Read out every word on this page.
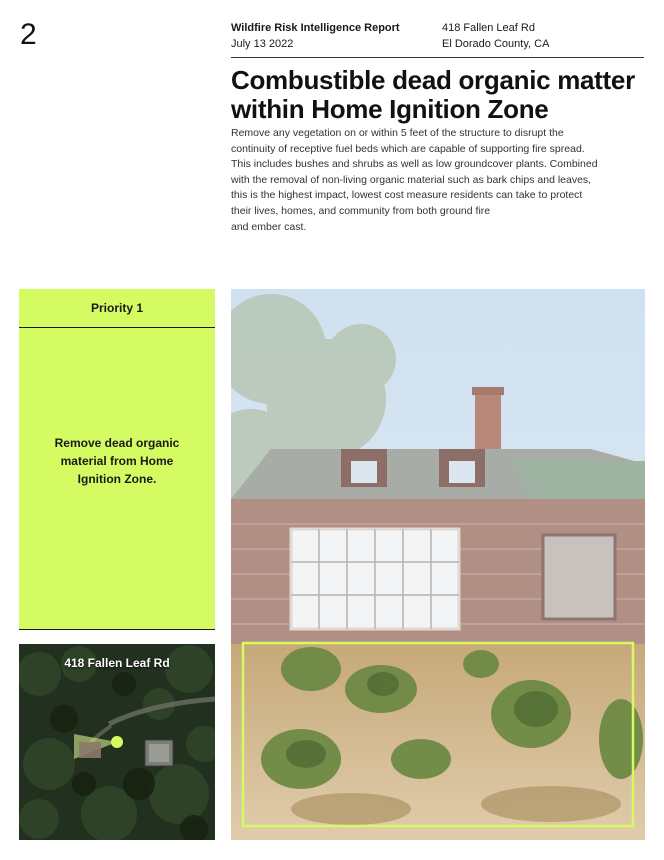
2	Wildfire Risk Intelligence Report
July 13 2022
418 Fallen Leaf Rd
El Dorado County, CA
Combustible dead organic matter
within Home Ignition Zone

Remove any vegetation on or within 5 feet of the structure to disrupt the
continuity of receptive fuel beds which are capable of supporting fire spread.
This includes bushes and shrubs as well as low groundcover plants. Combined
with the removal of non-living organic material such as bark chips and leaves,
this is the highest impact, lowest cost measure residents can take to protect
their lives, homes, and community from both ground fire
and ember cast.

Priority 1
Remove dead organic
material from Home
Ignition Zone.
418 Fallen Leaf Rd
